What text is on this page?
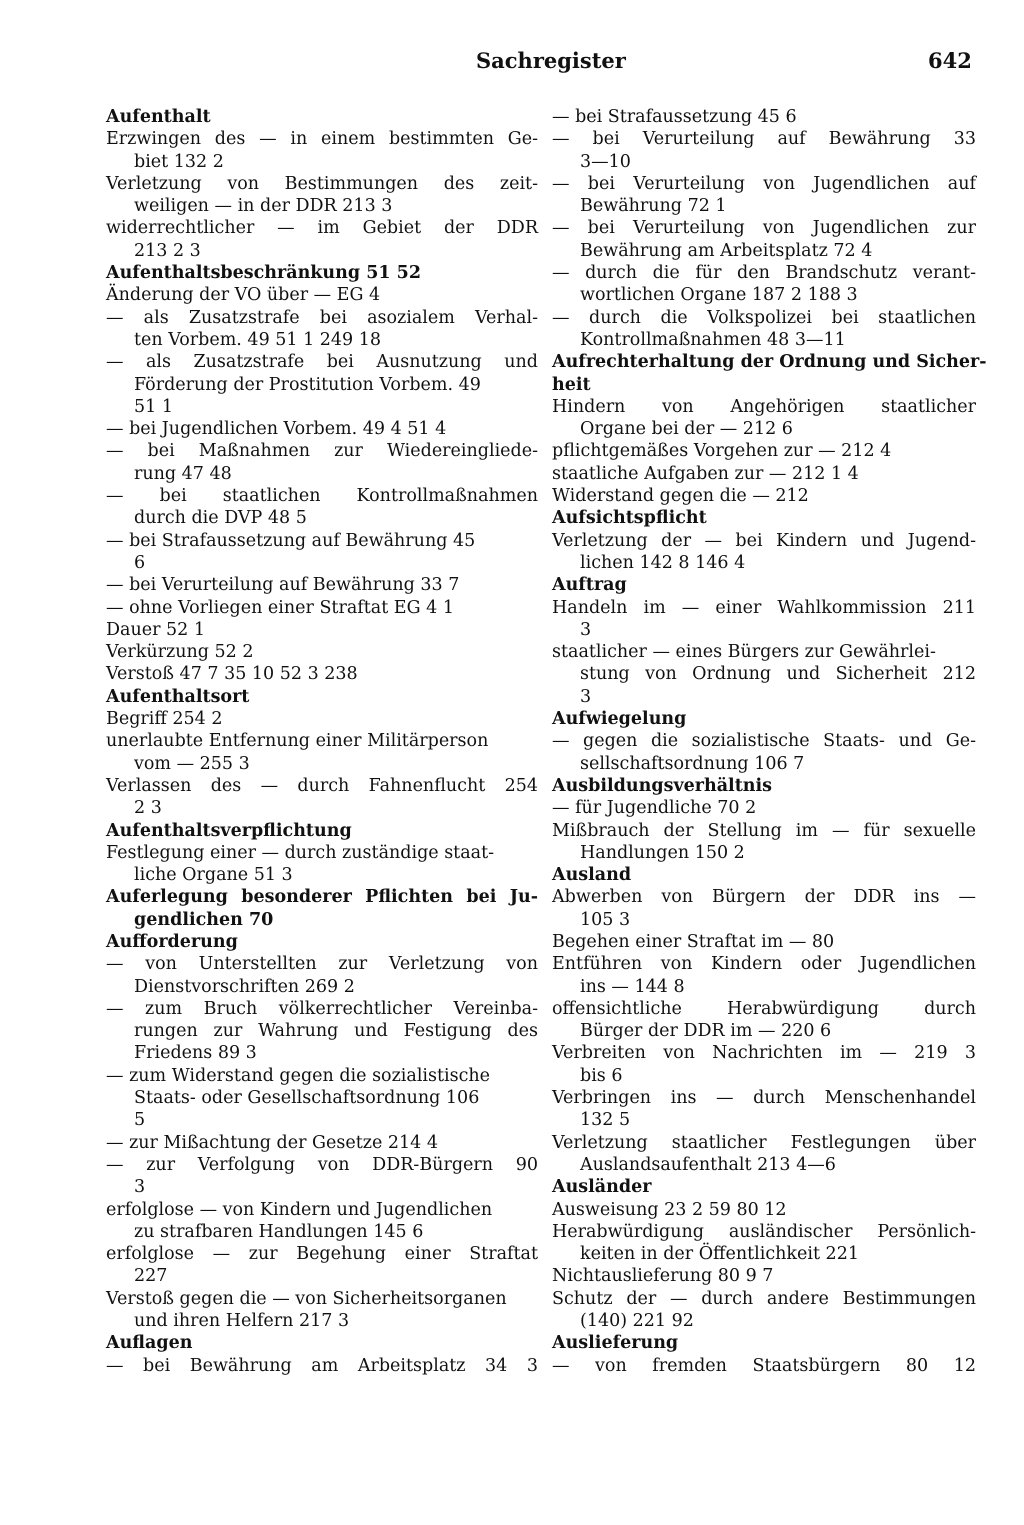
Sachregister	642
Aufenthalt
Erzwingen des — in einem bestimmten Ge-
biet 132 2
Verletzung von Bestimmungen des zeit-
weiligen — in der DDR 213 3
widerrechtlicher — im Gebiet der DDR
213 2 3
Aufenthaltsbeschränkung 51 52
Änderung der VO über — EG 4
— als Zusatzstrafe bei asozialem Verhal-
ten Vorbem. 49 51 1 249 18
— als Zusatzstrafe bei Ausnutzung und
Förderung der Prostitution Vorbem. 49
51 1
— bei Jugendlichen Vorbem. 49 4 51 4
— bei Maßnahmen zur Wiedereingliede-
rung 47 48
— bei staatlichen Kontrollmaßnahmen
durch die DVP 48 5
— bei Strafaussetzung auf Bewährung 45
6
— bei Verurteilung auf Bewährung 33 7
— ohne Vorliegen einer Straftat EG 4 1
Dauer 52 1
Verkürzung 52 2
Verstoß 47 7 35 10 52 3 238
Aufenthaltsort
Begriff 254 2
unerlaubte Entfernung einer Militärperson
vom — 255 3
Verlassen des — durch Fahnenflucht 254
2 3
Aufenthaltsverpflichtung
Festlegung einer — durch zuständige staat-
liche Organe 51 3
Auferlegung besonderer Pflichten bei Ju-
gendlichen 70
Aufforderung
— von Unterstellten zur Verletzung von
Dienstvorschriften 269 2
— zum Bruch völkerrechtlicher Vereinba-
rungen zur Wahrung und Festigung des
Friedens 89 3
— zum Widerstand gegen die sozialistische
Staats- oder Gesellschaftsordnung 106
5
— zur Mißachtung der Gesetze 214 4
— zur Verfolgung von DDR-Bürgern 90
3
erfolglose — von Kindern und Jugendlichen
zu strafbaren Handlungen 145 6
erfolglose — zur Begehung einer Straftat
227
Verstoß gegen die — von Sicherheitsorganen
und ihren Helfern 217 3
Auflagen
— bei Bewährung am Arbeitsplatz 34 3
— bei Strafaussetzung 45 6
— bei Verurteilung auf Bewährung 33
3—10
— bei Verurteilung von Jugendlichen auf
Bewährung 72 1
— bei Verurteilung von Jugendlichen zur
Bewährung am Arbeitsplatz 72 4
— durch die für den Brandschutz verant-
wortlichen Organe 187 2 188 3
— durch die Volkspolizei bei staatlichen
Kontrollmaßnahmen 48 3—11
Aufrechterhaltung der Ordnung und Sicher-
heit
Hindern von Angehörigen staatlicher
Organe bei der — 212 6
pflichtgemäßes Vorgehen zur — 212 4
staatliche Aufgaben zur — 212 1 4
Widerstand gegen die — 212
Aufsichtspflicht
Verletzung der — bei Kindern und Jugend-
lichen 142 8 146 4
Auftrag
Handeln im — einer Wahlkommission 211
3
staatlicher — eines Bürgers zur Gewährlei-
stung von Ordnung und Sicherheit 212
3
Aufwiegelung
— gegen die sozialistische Staats- und Ge-
sellschaftsordnung 106 7
Ausbildungsverhältnis
— für Jugendliche 70 2
Mißbrauch der Stellung im — für sexuelle
Handlungen 150 2
Ausland
Abwerben von Bürgern der DDR ins —
105 3
Begehen einer Straftat im — 80
Entführen von Kindern oder Jugendlichen
ins — 144 8
offensichtliche Herabwürdigung durch
Bürger der DDR im — 220 6
Verbreiten von Nachrichten im — 219 3
bis 6
Verbringen ins — durch Menschenhandel
132 5
Verletzung staatlicher Festlegungen über
Auslandsaufenthalt 213 4—6
Ausländer
Ausweisung 23 2 59 80 12
Herabwürdigung ausländischer Persönlich-
keiten in der Öffentlichkeit 221
Nichtauslieferung 80 9 7
Schutz der — durch andere Bestimmungen
(140) 221 92
Auslieferung
— von fremden Staatsbürgern 80 12
